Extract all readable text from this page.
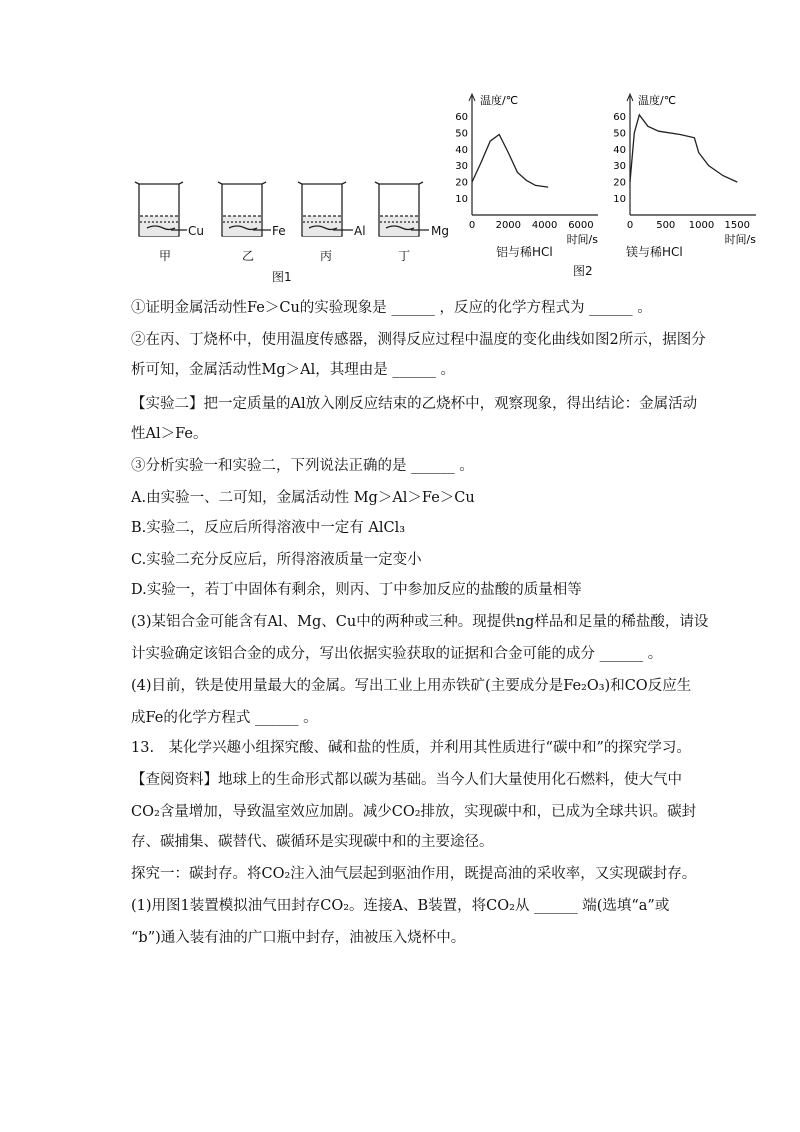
Cu	Fe	Al	Mg
甲	乙	丙	丁
图1
温度/℃
10
20
30
40
50
60
0 2000 4000 6000
时间/s
温度/℃
10
20
30
40
50
60
0 500 1000 1500
时间/s
铝与稀HCl	镁与稀HCl
图2
①证明金属活动性Fe＞Cu的实验现象是 ______ ，反应的化学方程式为 ______ 。
②在丙、丁烧杯中，使用温度传感器，测得反应过程中温度的变化曲线如图2所示，据图分
析可知，金属活动性Mg＞Al，其理由是 ______ 。
【实验二】把一定质量的Al放入刚反应结束的乙烧杯中，观察现象，得出结论：金属活动
性Al＞Fe。
③分析实验一和实验二，下列说法正确的是 ______ 。
A.由实验一、二可知，金属活动性 Mg＞Al＞Fe＞Cu
B.实验二，反应后所得溶液中一定有 AlCl₃
C.实验二充分反应后，所得溶液质量一定变小
D.实验一，若丁中固体有剩余，则丙、丁中参加反应的盐酸的质量相等
(3)某铝合金可能含有Al、Mg、Cu中的两种或三种。现提供ng样品和足量的稀盐酸，请设
计实验确定该铝合金的成分，写出依据实验获取的证据和合金可能的成分 ______ 。
(4)目前，铁是使用量最大的金属。写出工业上用赤铁矿(主要成分是Fe₂O₃)和CO反应生
成Fe的化学方程式 ______ 。
13.　某化学兴趣小组探究酸、碱和盐的性质，并利用其性质进行“碳中和”的探究学习。
【查阅资料】地球上的生命形式都以碳为基础。当今人们大量使用化石燃料，使大气中
CO₂含量增加，导致温室效应加剧。减少CO₂排放，实现碳中和，已成为全球共识。碳封
存、碳捕集、碳替代、碳循环是实现碳中和的主要途径。
探究一：碳封存。将CO₂注入油气层起到驱油作用，既提高油的采收率，又实现碳封存。
(1)用图1装置模拟油气田封存CO₂。连接A、B装置，将CO₂从 ______ 端(选填“a”或
“b”)通入装有油的广口瓶中封存，油被压入烧杯中。
